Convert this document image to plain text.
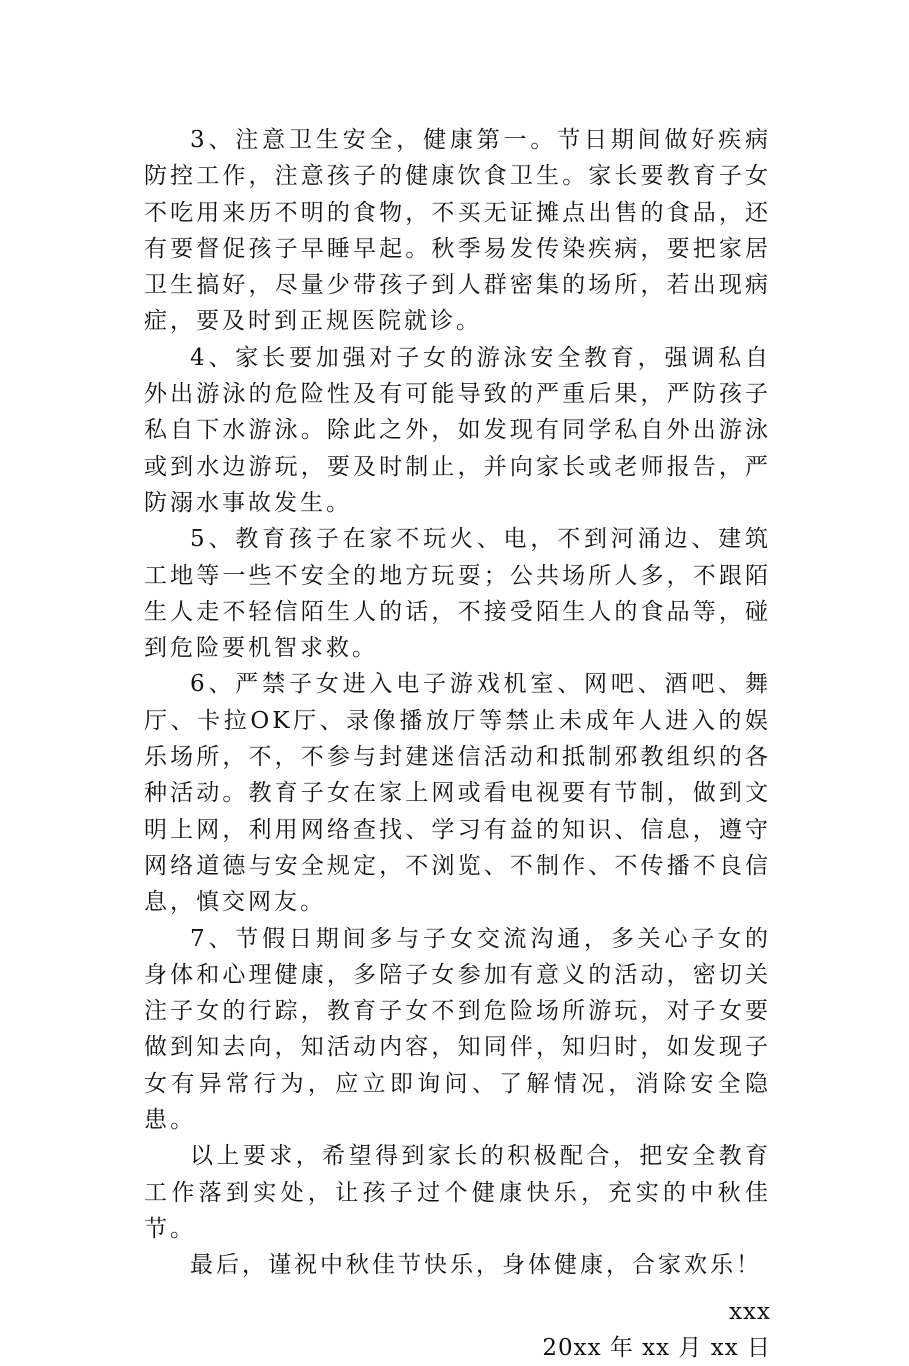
3、注意卫生安全，健康第一。节日期间做好疾病防控工作，注意孩子的健康饮食卫生。家长要教育子女不吃用来历不明的食物，不买无证摊点出售的食品，还有要督促孩子早睡早起。秋季易发传染疾病，要把家居卫生搞好，尽量少带孩子到人群密集的场所，若出现病症，要及时到正规医院就诊。

4、家长要加强对子女的游泳安全教育，强调私自外出游泳的危险性及有可能导致的严重后果，严防孩子私自下水游泳。除此之外，如发现有同学私自外出游泳或到水边游玩，要及时制止，并向家长或老师报告，严防溺水事故发生。

5、教育孩子在家不玩火、电，不到河涌边、建筑工地等一些不安全的地方玩耍；公共场所人多，不跟陌生人走不轻信陌生人的话，不接受陌生人的食品等，碰到危险要机智求救。

6、严禁子女进入电子游戏机室、网吧、酒吧、舞厅、卡拉OK厅、录像播放厅等禁止未成年人进入的娱乐场所，不，不参与封建迷信活动和抵制邪教组织的各种活动。教育子女在家上网或看电视要有节制，做到文明上网，利用网络查找、学习有益的知识、信息，遵守网络道德与安全规定，不浏览、不制作、不传播不良信息，慎交网友。

7、节假日期间多与子女交流沟通，多关心子女的身体和心理健康，多陪子女参加有意义的活动，密切关注子女的行踪，教育子女不到危险场所游玩，对子女要做到知去向，知活动内容，知同伴，知归时，如发现子女有异常行为，应立即询问、了解情况，消除安全隐患。

以上要求，希望得到家长的积极配合，把安全教育工作落到实处，让孩子过个健康快乐，充实的中秋佳节。

最后，谨祝中秋佳节快乐，身体健康，合家欢乐！

xxx

20xx 年 xx 月 xx 日
